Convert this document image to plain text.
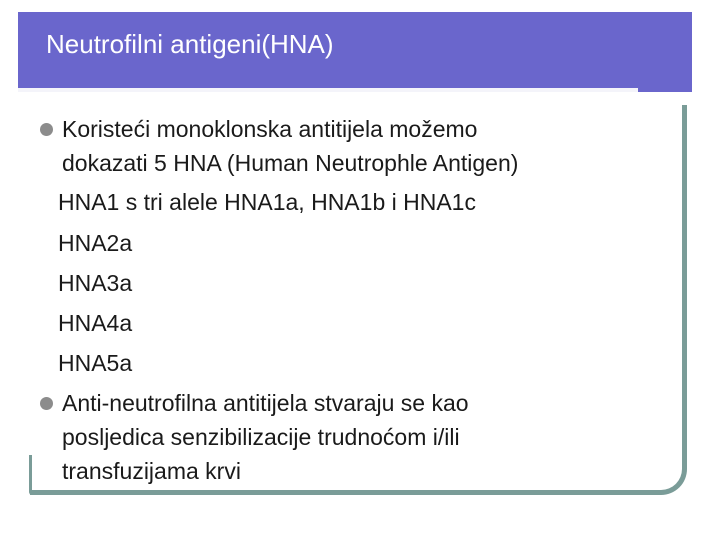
Neutrofilni antigeni(HNA)
Koristeći monoklonska antitijela možemo
dokazati 5 HNA (Human Neutrophle Antigen)
HNA1 s tri alele HNA1a, HNA1b i HNA1c
HNA2a
HNA3a
HNA4a
HNA5a
Anti-neutrofilna antitijela stvaraju se kao
posljedica senzibilizacije trudnoćom i/ili
transfuzijama krvi
